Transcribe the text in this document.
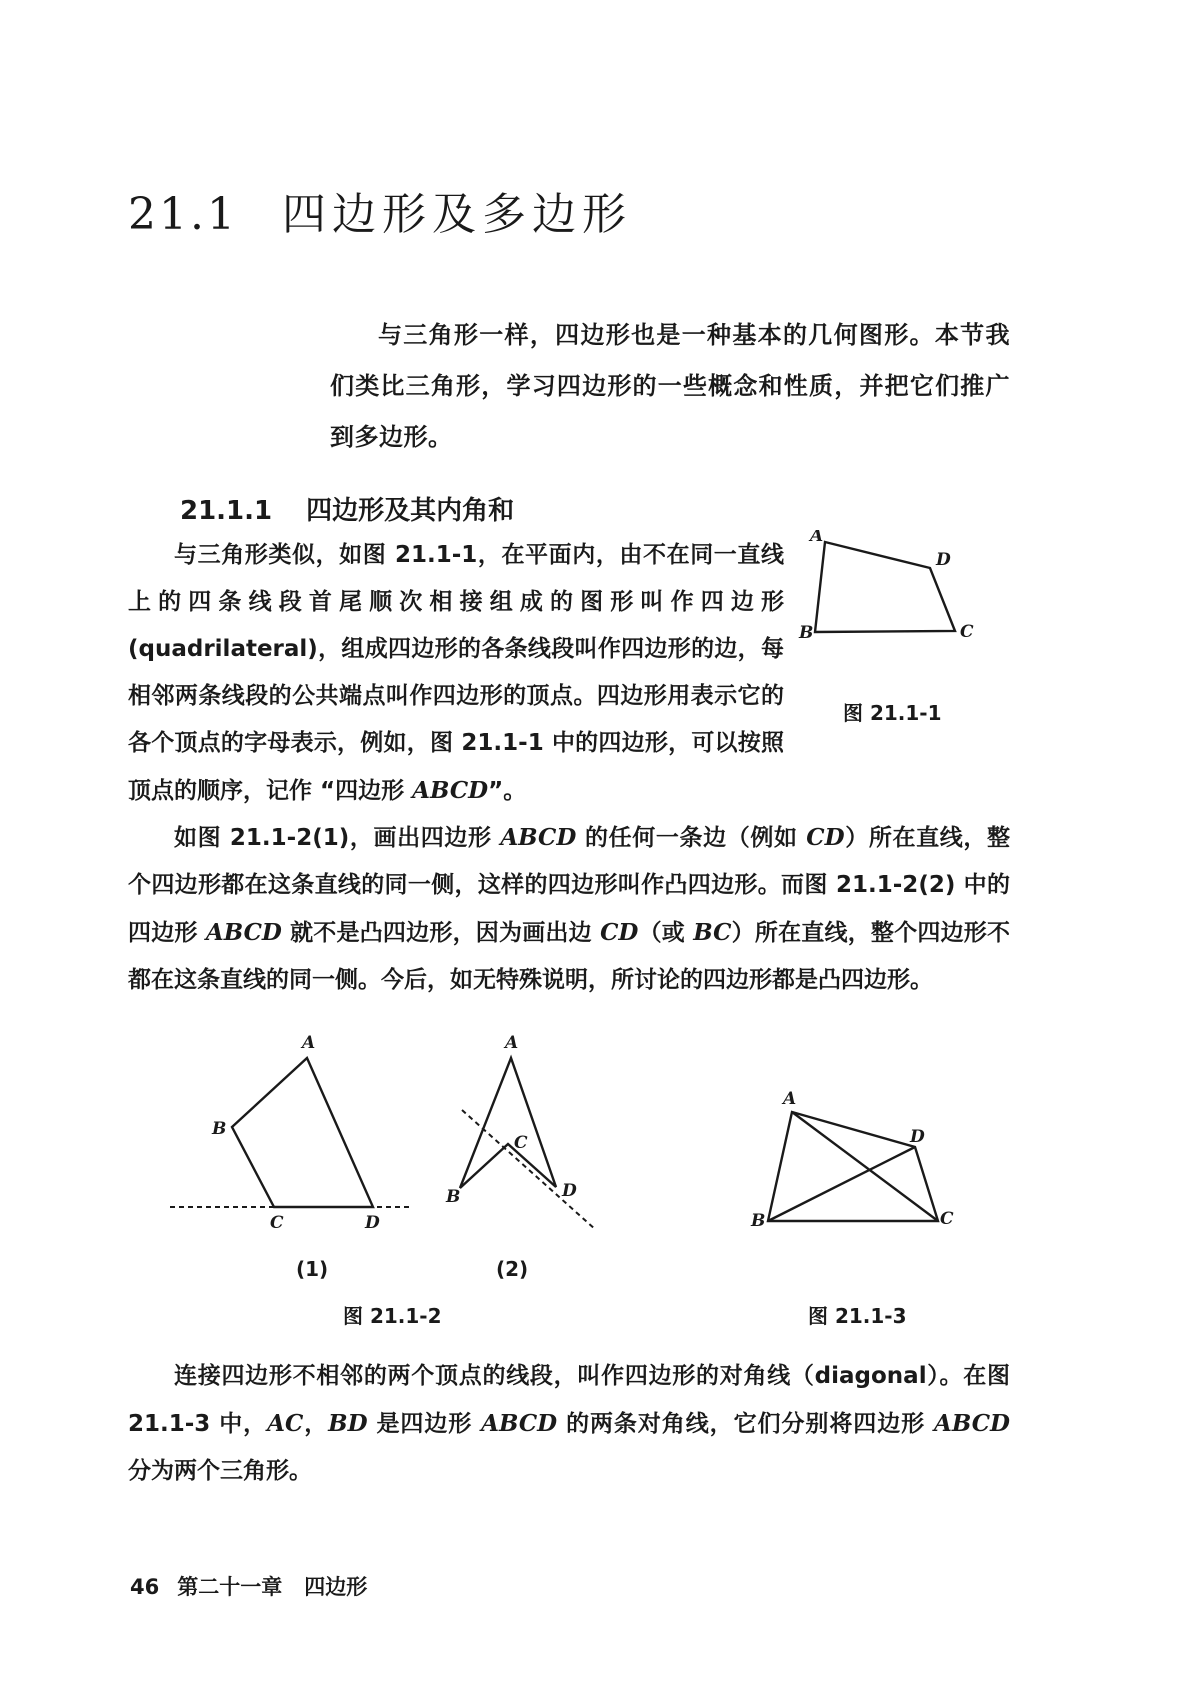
21.1 四边形及多边形

与三角形一样，四边形也是一种基本的几何图形。本节我们类比三角形，学习四边形的一些概念和性质，并把它们推广到多边形。

21.1.1 四边形及其内角和

与三角形类似，如图 21.1-1，在平面内，由不在同一直线上的四条线段首尾顺次相接组成的图形叫作四边形(quadrilateral)，组成四边形的各条线段叫作四边形的边，每相邻两条线段的公共端点叫作四边形的顶点。四边形用表示它的各个顶点的字母表示，例如，图 21.1-1 中的四边形，可以按照顶点的顺序，记作 “四边形 ABCD”。

A
B	C
D
图 21.1-1

如图 21.1-2(1)，画出四边形 ABCD 的任何一条边（例如 CD）所在直线，整个四边形都在这条直线的同一侧，这样的四边形叫作凸四边形。而图 21.1-2(2) 中的四边形 ABCD 就不是凸四边形，因为画出边 CD（或 BC）所在直线，整个四边形不都在这条直线的同一侧。今后，如无特殊说明，所讨论的四边形都是凸四边形。

A
B
C	D
A
B
C
D
(1)	(2)
图 21.1-2
A
B	C
D
图 21.1-3

连接四边形不相邻的两个顶点的线段，叫作四边形的对角线（diagonal）。在图 21.1-3 中，AC，BD 是四边形 ABCD 的两条对角线，它们分别将四边形 ABCD 分为两个三角形。

46 第二十一章 四边形
